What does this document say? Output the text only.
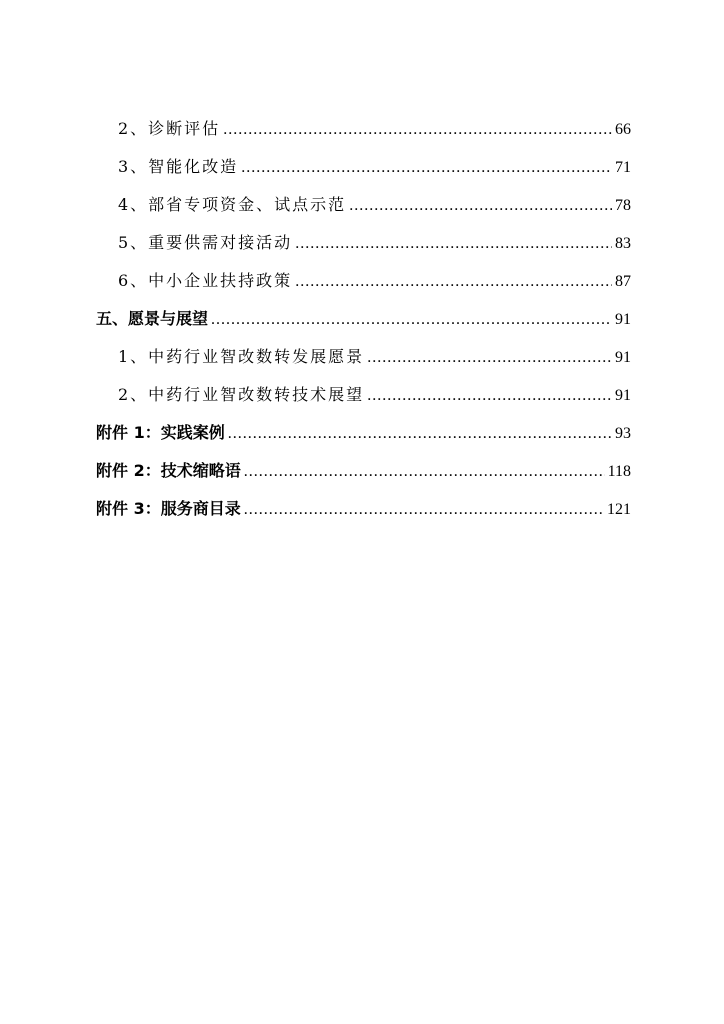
2、诊断评估 .....	66
3、智能化改造 .....	71
4、部省专项资金、试点示范 .....	78
5、重要供需对接活动 .....	83
6、中小企业扶持政策 .....	87
五、愿景与展望 .....	91
1、中药行业智改数转发展愿景 .....	91
2、中药行业智改数转技术展望 .....	91
附件 1：实践案例 .....	93
附件 2：技术缩略语 .....	118
附件 3：服务商目录 .....	121
